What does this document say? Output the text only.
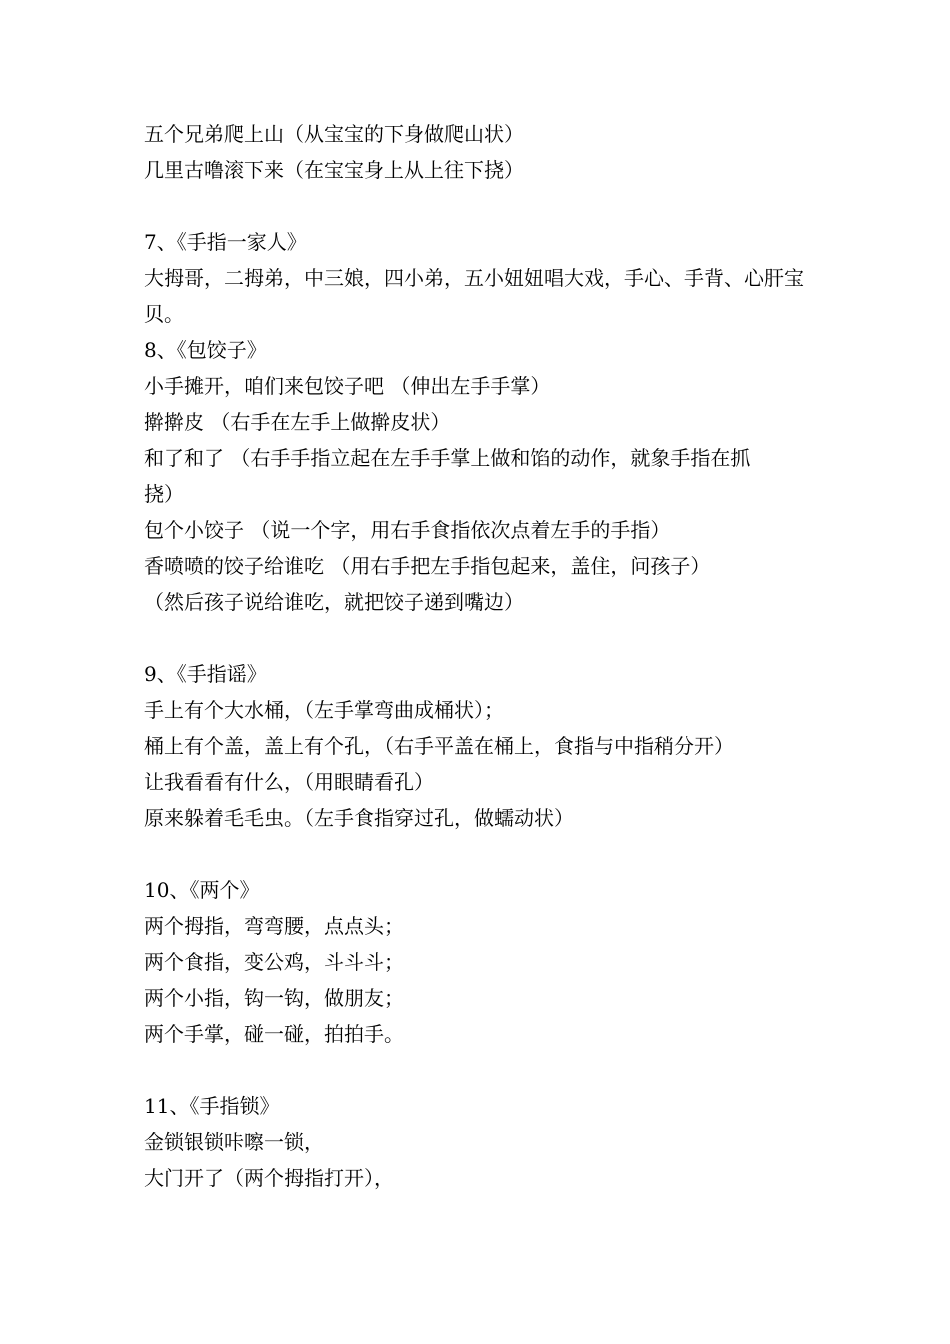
五个兄弟爬上山（从宝宝的下身做爬山状）
几里古噜滚下来（在宝宝身上从上往下挠）
7、《手指一家人》
大拇哥，二拇弟，中三娘，四小弟，五小妞妞唱大戏，手心、手背、心肝宝
贝。
8、《包饺子》
小手摊开，咱们来包饺子吧 （伸出左手手掌）
擀擀皮 （右手在左手上做擀皮状）
和了和了 （右手手指立起在左手手掌上做和馅的动作，就象手指在抓
挠）
包个小饺子 （说一个字，用右手食指依次点着左手的手指）
香喷喷的饺子给谁吃 （用右手把左手指包起来，盖住，问孩子）
（然后孩子说给谁吃，就把饺子递到嘴边）
9、《手指谣》
手上有个大水桶，（左手掌弯曲成桶状）；
桶上有个盖，盖上有个孔，（右手平盖在桶上，食指与中指稍分开）
让我看看有什么，（用眼睛看孔）
原来躲着毛毛虫。（左手食指穿过孔，做蠕动状）
10、《两个》
两个拇指，弯弯腰，点点头；
两个食指，变公鸡，斗斗斗；
两个小指，钩一钩，做朋友；
两个手掌，碰一碰，拍拍手。
11、《手指锁》
金锁银锁咔嚓一锁，
大门开了（两个拇指打开），
